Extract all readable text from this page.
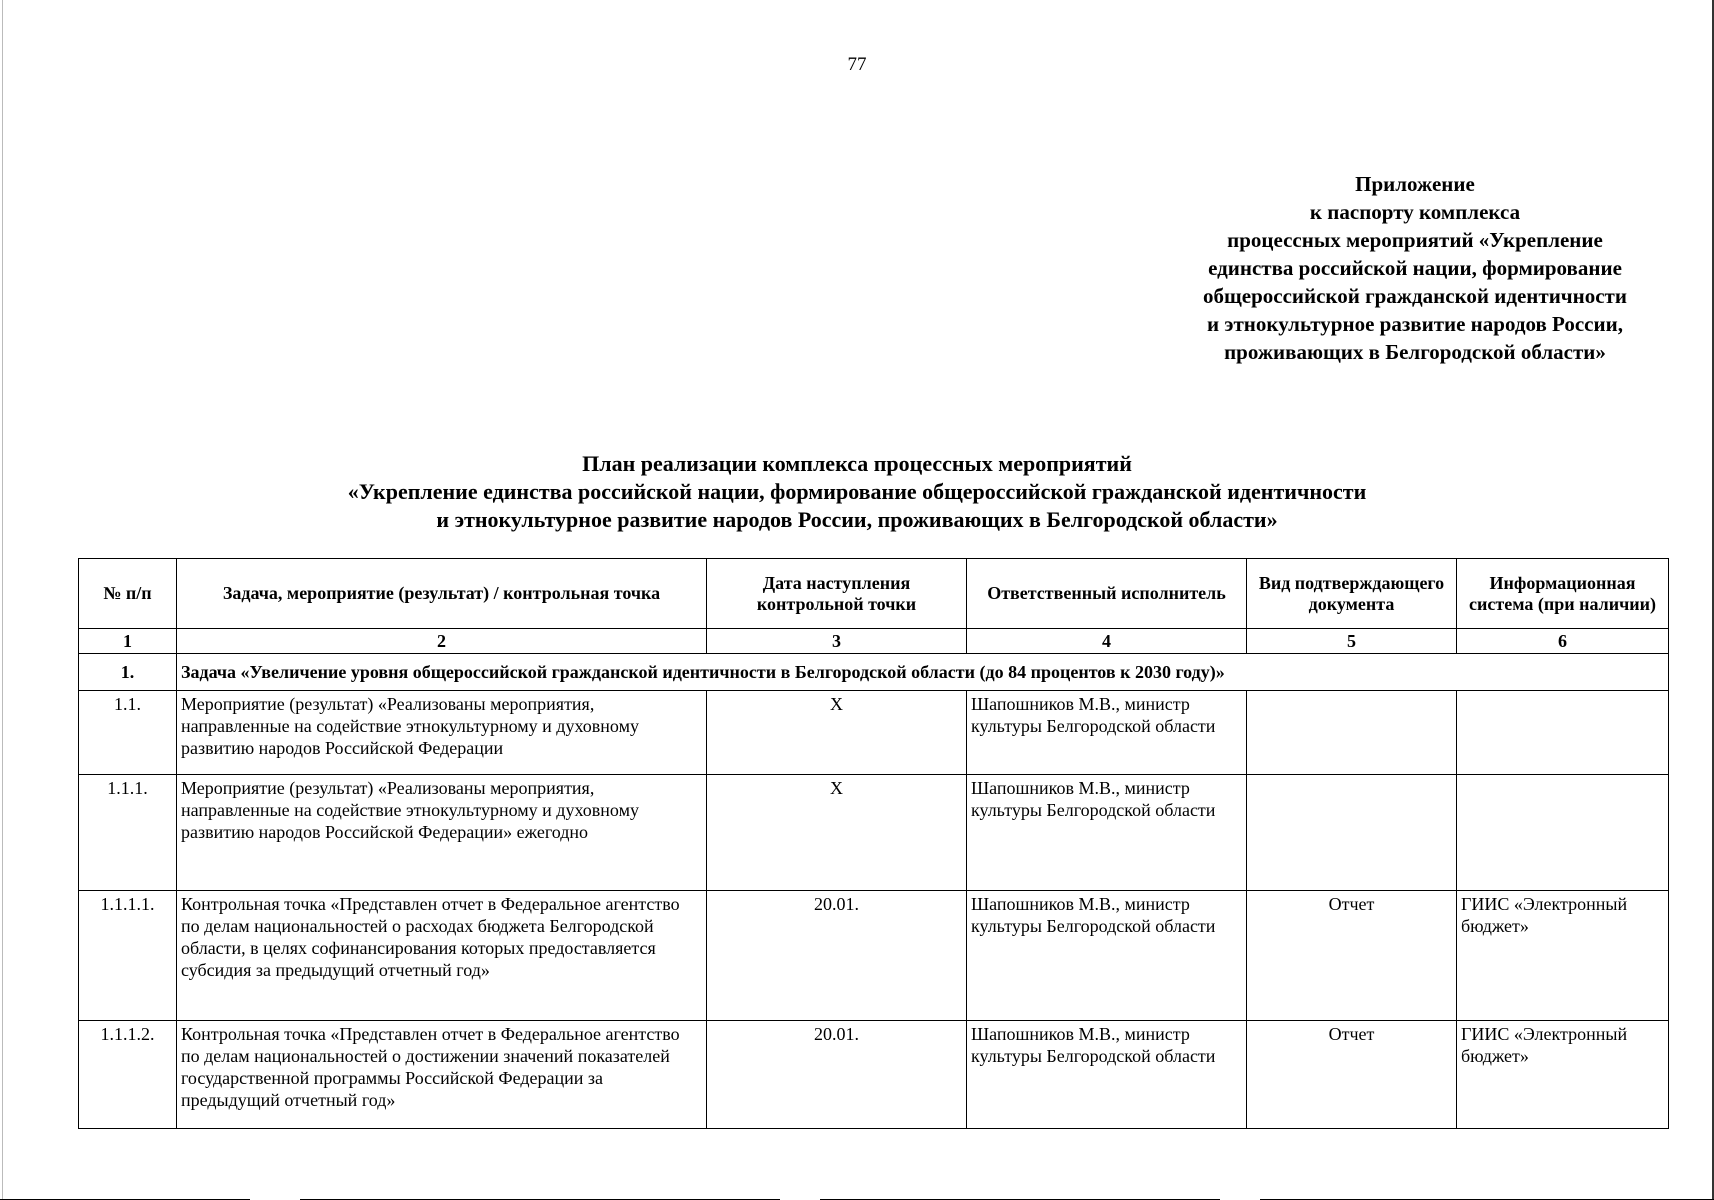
77
Приложение
к паспорту комплекса
процессных мероприятий «Укрепление
единства российской нации, формирование
общероссийской гражданской идентичности
и этнокультурное развитие народов России,
проживающих в Белгородской области»
План реализации комплекса процессных мероприятий
«Укрепление единства российской нации, формирование общероссийской гражданской идентичности
и этнокультурное развитие народов России, проживающих в Белгородской области»
№ п/п	Задача, мероприятие (результат) / контрольная точка	Дата наступления контрольной точки	Ответственный исполнитель	Вид подтверждающего документа	Информационная система (при наличии)
1	2	3	4	5	6
1.	Задача «Увеличение уровня общероссийской гражданской идентичности в Белгородской области (до 84 процентов к 2030 году)»				
1.1.	Мероприятие (результат) «Реализованы мероприятия, направленные на содействие этнокультурному и духовному развитию народов Российской Федерации	X	Шапошников М.В., министр культуры Белгородской области		
1.1.1.	Мероприятие (результат) «Реализованы мероприятия, направленные на содействие этнокультурному и духовному развитию народов Российской Федерации» ежегодно	X	Шапошников М.В., министр культуры Белгородской области		
1.1.1.1.	Контрольная точка «Представлен отчет в Федеральное агентство по делам национальностей о расходах бюджета Белгородской области, в целях софинансирования которых предоставляется субсидия за предыдущий отчетный год»	20.01.	Шапошников М.В., министр культуры Белгородской области	Отчет	ГИИС «Электронный бюджет»
1.1.1.2.	Контрольная точка «Представлен отчет в Федеральное агентство по делам национальностей о достижении значений показателей государственной программы Российской Федерации за предыдущий отчетный год»	20.01.	Шапошников М.В., министр культуры Белгородской области	Отчет	ГИИС «Электронный бюджет»
